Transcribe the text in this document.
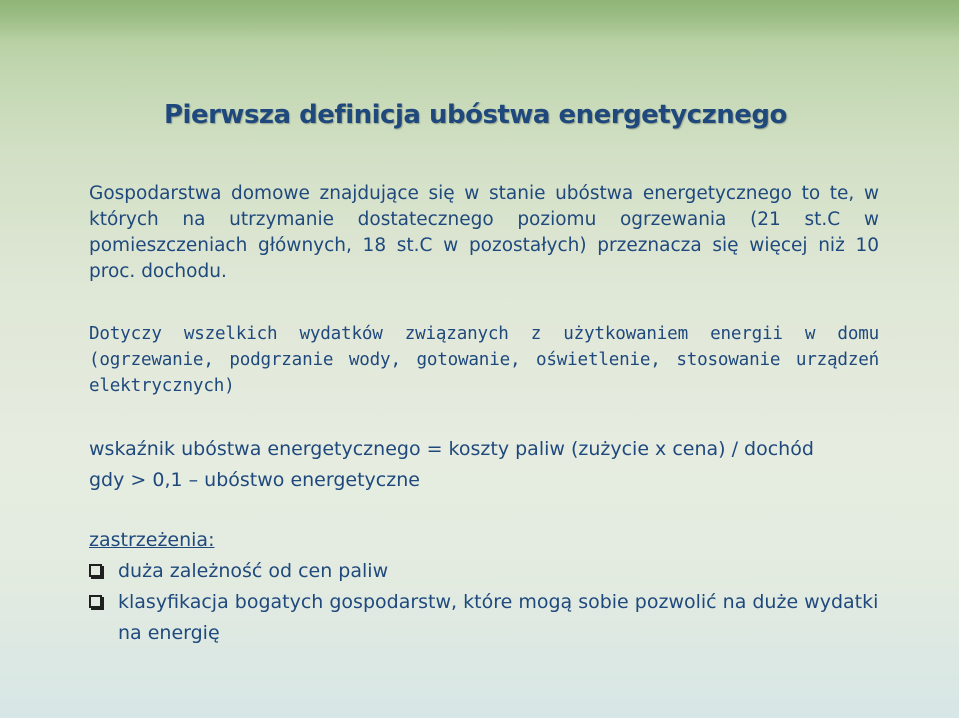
Pierwsza definicja ubóstwa energetycznego
Gospodarstwa domowe znajdujące się w stanie ubóstwa energetycznego to te, w których na utrzymanie dostatecznego poziomu ogrzewania (21 st.C w pomieszczeniach głównych, 18 st.C w pozostałych) przeznacza się więcej niż 10 proc. dochodu.
Dotyczy wszelkich wydatków związanych z użytkowaniem energii w domu (ogrzewanie, podgrzanie wody, gotowanie, oświetlenie, stosowanie urządzeń elektrycznych)
wskaźnik ubóstwa energetycznego = koszty paliw (zużycie x cena) / dochód
gdy > 0,1 – ubóstwo energetyczne
zastrzeżenia:
duża zależność od cen paliw
klasyfikacja bogatych gospodarstw, które mogą sobie pozwolić na duże wydatki na energię
